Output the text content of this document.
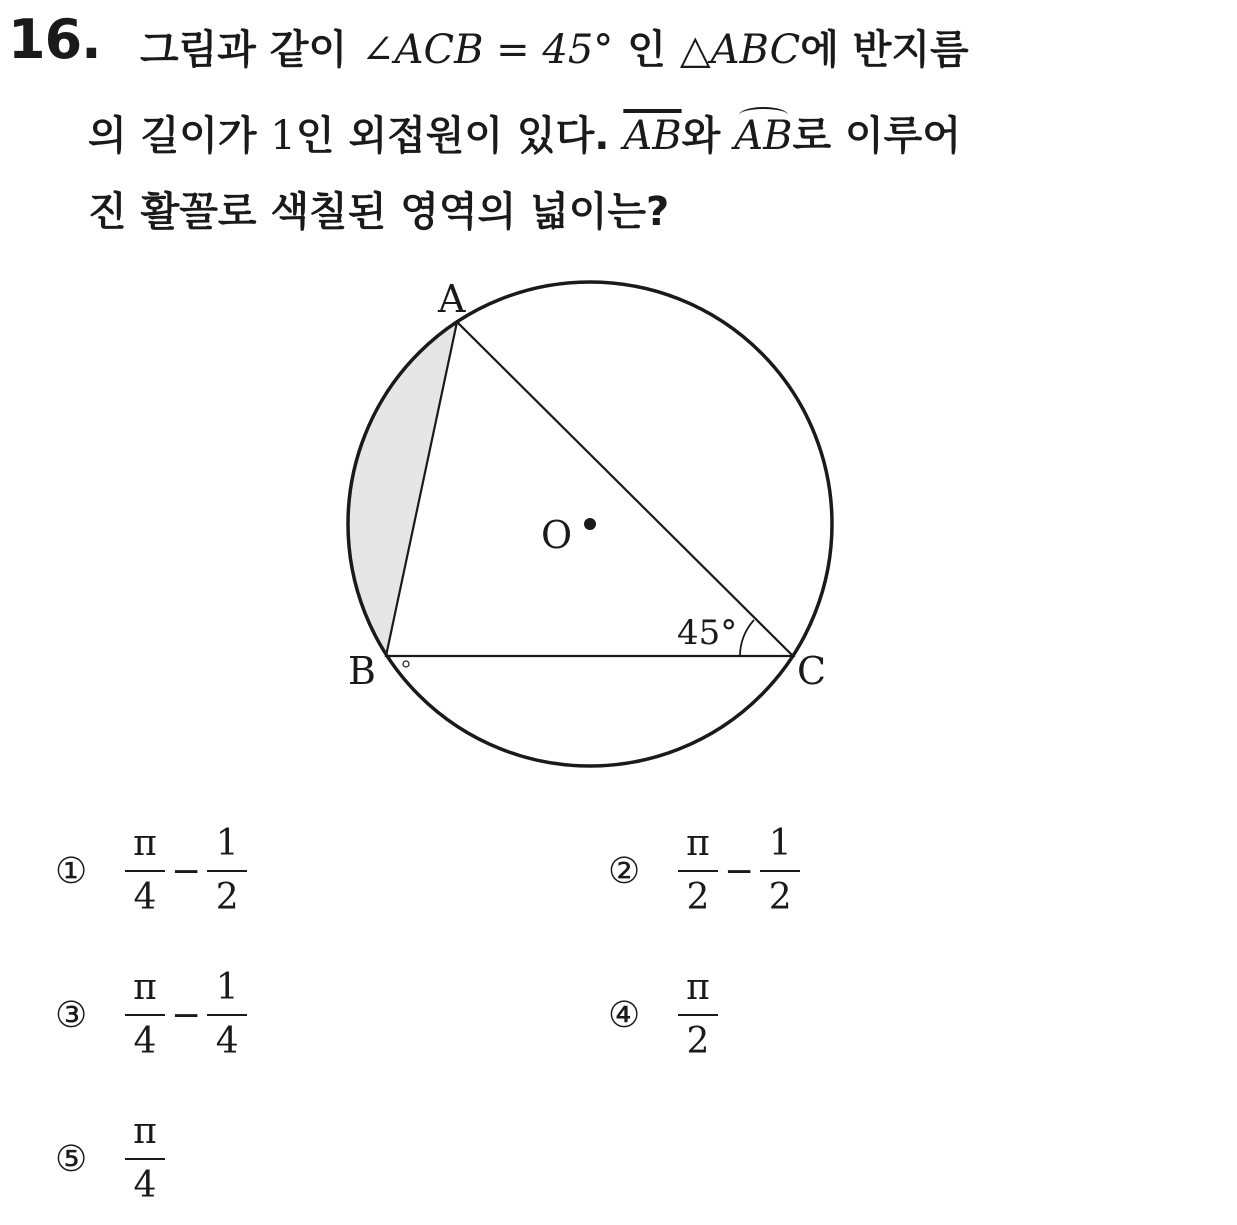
16. 그림과 같이 ∠ACB = 45° 인 △ABC에 반지름
의 길이가 1인 외접원이 있다. $\overline{AB}$와
AB로 이루어
진 활꼴로 색칠된 영역의 넓이는?
A
B	C
O
45°
①	$\frac{\pi}{4} - \frac{1}{2}$	②	$\frac{\pi}{2} - \frac{1}{2}$
③	$\frac{\pi}{4} - \frac{1}{4}$	④	$\frac{\pi}{2}$
⑤	$\frac{\pi}{4}$
